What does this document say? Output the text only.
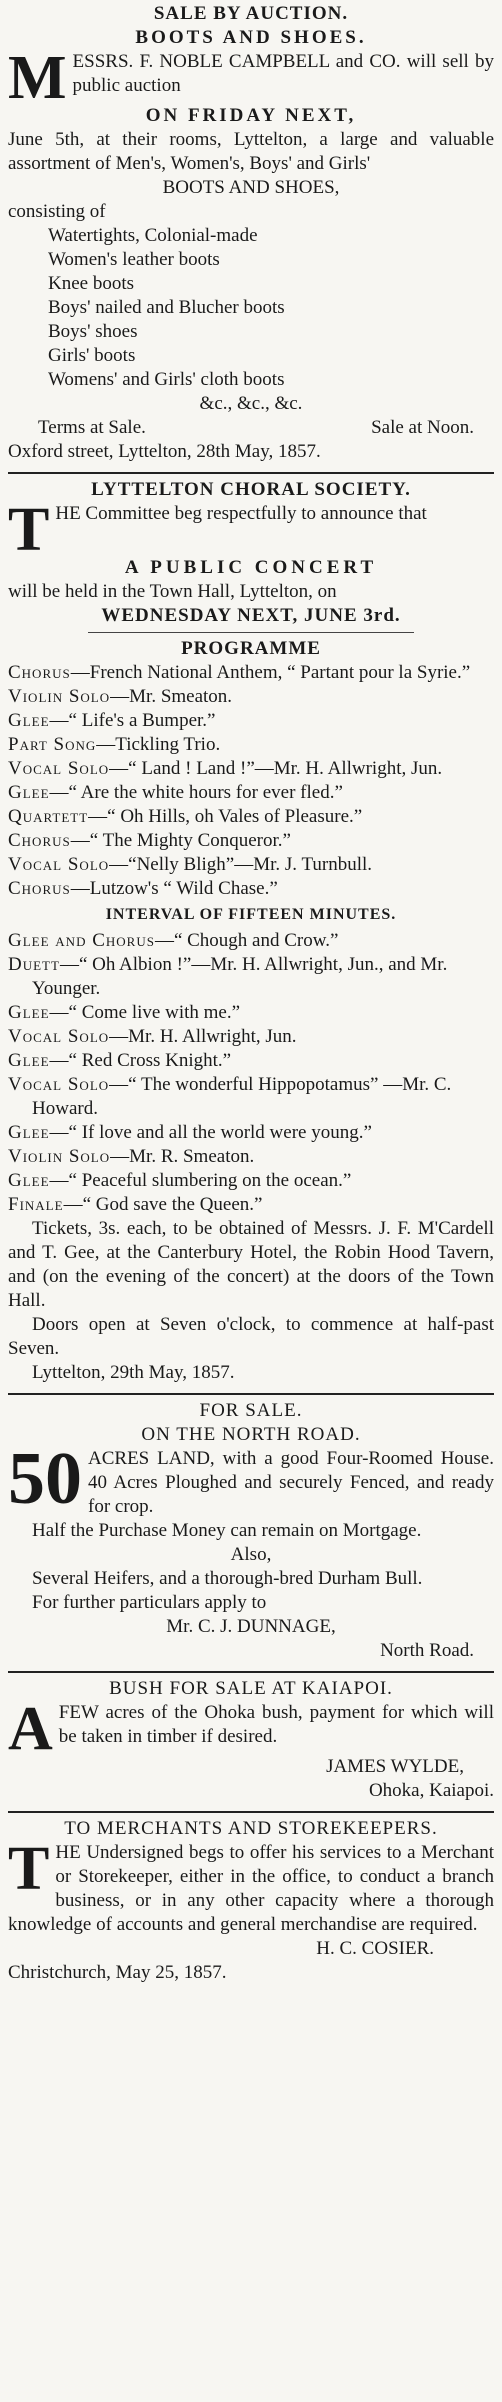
SALE BY AUCTION.

BOOTS AND SHOES.

M ESSRS. F. NOBLE CAMPBELL and CO. will sell by public auction

ON FRIDAY NEXT,

June 5th, at their rooms, Lyttelton, a large and valuable assortment of Men's, Women's, Boys' and Girls'

BOOTS AND SHOES,

consisting of

Watertights, Colonial-made

Women's leather boots

Knee boots

Boys' nailed and Blucher boots

Boys' shoes

Girls' boots

Womens' and Girls' cloth boots

&c., &c., &c.

Terms at Sale.	Sale at Noon.

Oxford street, Lyttelton, 28th May, 1857.

LYTTELTON CHORAL SOCIETY.

T HE Committee beg respectfully to announce that

A PUBLIC CONCERT

will be held in the Town Hall, Lyttelton, on

WEDNESDAY NEXT, JUNE 3rd.

PROGRAMME

Chorus—French National Anthem, “ Partant pour la Syrie.”

Violin Solo—Mr. Smeaton.

Glee—“ Life's a Bumper.”

Part Song—Tickling Trio.

Vocal Solo—“ Land ! Land !”—Mr. H. Allwright, Jun.

Glee—“ Are the white hours for ever fled.”

Quartett—“ Oh Hills, oh Vales of Pleasure.”

Chorus—“ The Mighty Conqueror.”

Vocal Solo—“Nelly Bligh”—Mr. J. Turnbull.

Chorus—Lutzow's “ Wild Chase.”

INTERVAL OF FIFTEEN MINUTES.

Glee and Chorus—“ Chough and Crow.”

Duett—“ Oh Albion !”—Mr. H. Allwright, Jun., and Mr. Younger.

Glee—“ Come live with me.”

Vocal Solo—Mr. H. Allwright, Jun.

Glee—“ Red Cross Knight.”

Vocal Solo—“ The wonderful Hippopotamus” —Mr. C. Howard.

Glee—“ If love and all the world were young.”

Violin Solo—Mr. R. Smeaton.

Glee—“ Peaceful slumbering on the ocean.”

Finale—“ God save the Queen.”

Tickets, 3s. each, to be obtained of Messrs. J. F. M'Cardell and T. Gee, at the Canterbury Hotel, the Robin Hood Tavern, and (on the evening of the concert) at the doors of the Town Hall.

Doors open at Seven o'clock, to commence at half-past Seven.

Lyttelton, 29th May, 1857.

FOR SALE.

ON THE NORTH ROAD.

50 ACRES LAND, with a good Four-Roomed House. 40 Acres Ploughed and securely Fenced, and ready for crop.

Half the Purchase Money can remain on Mortgage.

Also,

Several Heifers, and a thorough-bred Durham Bull.

For further particulars apply to

Mr. C. J. DUNNAGE,

North Road.

BUSH FOR SALE AT KAIAPOI.

A FEW acres of the Ohoka bush, payment for which will be taken in timber if desired.

JAMES WYLDE,

Ohoka, Kaiapoi.

TO MERCHANTS AND STOREKEEPERS.

T HE Undersigned begs to offer his services to a Merchant or Storekeeper, either in the office, to conduct a branch business, or in any other capacity where a thorough knowledge of accounts and general merchandise are required.

H. C. COSIER.

Christchurch, May 25, 1857.
